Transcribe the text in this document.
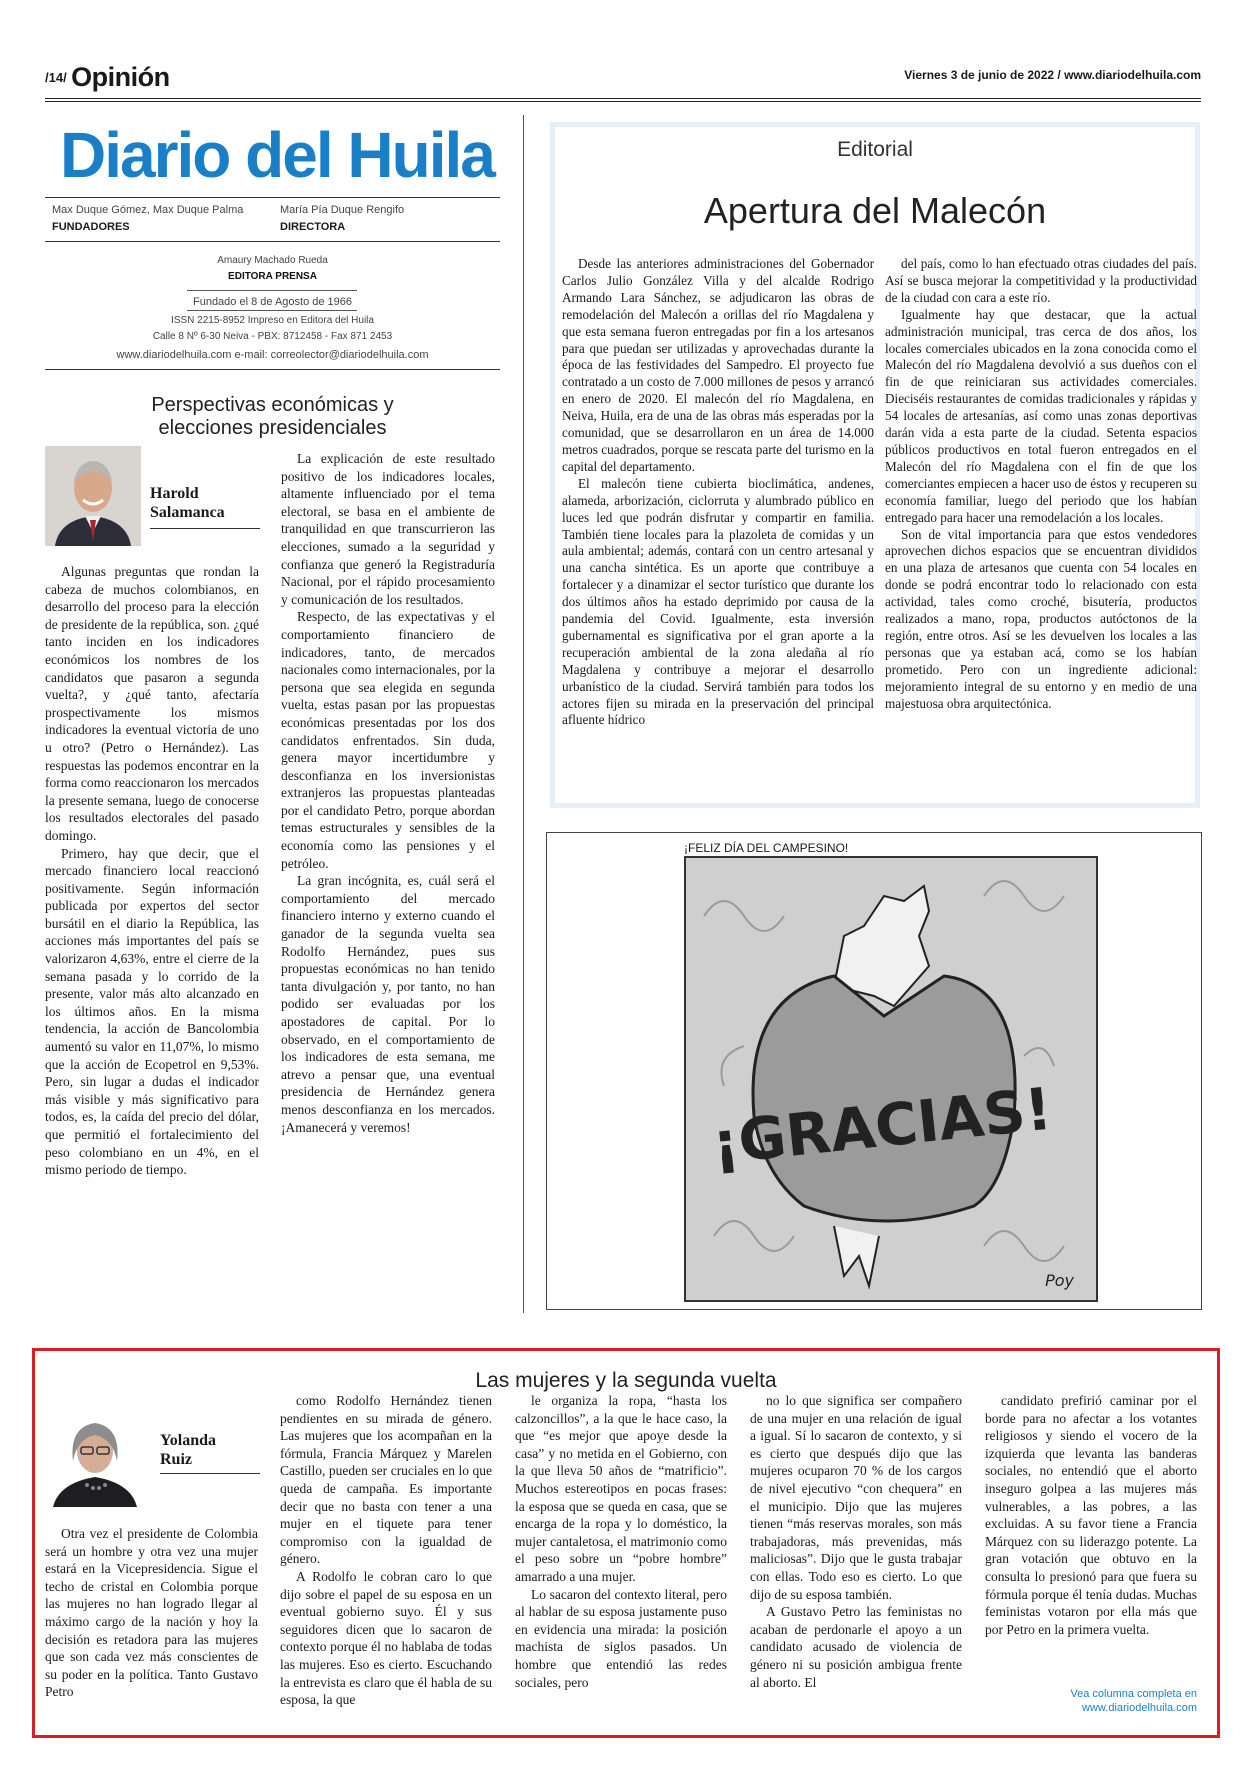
/14/ Opinión	Viernes 3 de junio de 2022 / www.diariodelhuila.com
Diario del Huila
Max Duque Gómez, Max Duque Palma
FUNDADORES
María Pía Duque Rengifo
DIRECTORA
Amaury Machado Rueda
EDITORA PRENSA
Fundado el 8 de Agosto de 1966
ISSN 2215-8952 Impreso en Editora del Huila
Calle 8 Nº 6-30 Neiva - PBX: 8712458 - Fax 871 2453
www.diariodelhuila.com e-mail: correolector@diariodelhuila.com
Editorial
Apertura del Malecón

Desde las anteriores administraciones del Gobernador Carlos Julio González Villa y del alcalde Rodrigo Armando Lara Sánchez, se adjudicaron las obras de remodelación del Malecón a orillas del río Magdalena y que esta semana fueron entregadas por fin a los artesanos para que puedan ser utilizadas y aprovechadas durante la época de las festividades del Sampedro. El proyecto fue contratado a un costo de 7.000 millones de pesos y arrancó en enero de 2020. El malecón del río Magdalena, en Neiva, Huila, era de una de las obras más esperadas por la comunidad, que se desarrollaron en un área de 14.000 metros cuadrados, porque se rescata parte del turismo en la capital del departamento.

El malecón tiene cubierta bioclimática, andenes, alameda, arborización, ciclorruta y alumbrado público en luces led que podrán disfrutar y compartir en familia. También tiene locales para la plazoleta de comidas y un aula ambiental; además, contará con un centro artesanal y una cancha sintética. Es un aporte que contribuye a fortalecer y a dinamizar el sector turístico que durante los dos últimos años ha estado deprimido por causa de la pandemia del Covid. Igualmente, esta inversión gubernamental es significativa por el gran aporte a la recuperación ambiental de la zona aledaña al río Magdalena y contribuye a mejorar el desarrollo urbanístico de la ciudad. Servirá también para todos los actores fijen su mirada en la preservación del principal afluente hídrico

del país, como lo han efectuado otras ciudades del país. Así se busca mejorar la competitividad y la productividad de la ciudad con cara a este río.

Igualmente hay que destacar, que la actual administración municipal, tras cerca de dos años, los locales comerciales ubicados en la zona conocida como el Malecón del río Magdalena devolvió a sus dueños con el fin de que reiniciaran sus actividades comerciales. Dieciséis restaurantes de comidas tradicionales y rápidas y 54 locales de artesanías, así como unas zonas deportivas darán vida a esta parte de la ciudad. Setenta espacios públicos productivos en total fueron entregados en el Malecón del río Magdalena con el fin de que los comerciantes empiecen a hacer uso de éstos y recuperen su economía familiar, luego del periodo que los habían entregado para hacer una remodelación a los locales.

Son de vital importancia para que estos vendedores aprovechen dichos espacios que se encuentran divididos en una plaza de artesanos que cuenta con 54 locales en donde se podrá encontrar todo lo relacionado con esta actividad, tales como croché, bisutería, productos realizados a mano, ropa, productos autóctonos de la región, entre otros. Así se les devuelven los locales a las personas que ya estaban acá, como se los habían prometido. Pero con un ingrediente adicional: mejoramiento integral de su entorno y en medio de una majestuosa obra arquitectónica.

Perspectivas económicas y
elecciones presidenciales
Harold
Salamanca

Algunas preguntas que rondan la cabeza de muchos colombianos, en desarrollo del proceso para la elección de presidente de la república, son. ¿qué tanto inciden en los indicadores económicos los nombres de los candidatos que pasaron a segunda vuelta?, y ¿qué tanto, afectaría prospectivamente los mismos indicadores la eventual victoria de uno u otro? (Petro o Hernández). Las respuestas las podemos encontrar en la forma como reaccionaron los mercados la presente semana, luego de conocerse los resultados electorales del pasado domingo.

Primero, hay que decir, que el mercado financiero local reaccionó positivamente. Según información publicada por expertos del sector bursátil en el diario la República, las acciones más importantes del país se valorizaron 4,63%, entre el cierre de la semana pasada y lo corrido de la presente, valor más alto alcanzado en los últimos años. En la misma tendencia, la acción de Bancolombia aumentó su valor en 11,07%, lo mismo que la acción de Ecopetrol en 9,53%. Pero, sin lugar a dudas el indicador más visible y más significativo para todos, es, la caída del precio del dólar, que permitió el fortalecimiento del peso colombiano en un 4%, en el mismo periodo de tiempo.

La explicación de este resultado positivo de los indicadores locales, altamente influenciado por el tema electoral, se basa en el ambiente de tranquilidad en que transcurrieron las elecciones, sumado a la seguridad y confianza que generó la Registraduría Nacional, por el rápido procesamiento y comunicación de los resultados.

Respecto, de las expectativas y el comportamiento financiero de indicadores, tanto, de mercados nacionales como internacionales, por la persona que sea elegida en segunda vuelta, estas pasan por las propuestas económicas presentadas por los dos candidatos enfrentados. Sin duda, genera mayor incertidumbre y desconfianza en los inversionistas extranjeros las propuestas planteadas por el candidato Petro, porque abordan temas estructurales y sensibles de la economía como las pensiones y el petróleo.

La gran incógnita, es, cuál será el comportamiento del mercado financiero interno y externo cuando el ganador de la segunda vuelta sea Rodolfo Hernández, pues sus propuestas económicas no han tenido tanta divulgación y, por tanto, no han podido ser evaluadas por los apostadores de capital. Por lo observado, en el comportamiento de los indicadores de esta semana, me atrevo a pensar que, una eventual presidencia de Hernández genera menos desconfianza en los mercados. ¡Amanecerá y veremos!

¡FELIZ DÍA DEL CAMPESINO!
¡GRACIAS!
Poy
Las mujeres y la segunda vuelta
Yolanda
Ruiz

Otra vez el presidente de Colombia será un hombre y otra vez una mujer estará en la Vicepresidencia. Sigue el techo de cristal en Colombia porque las mujeres no han logrado llegar al máximo cargo de la nación y hoy la decisión es retadora para las mujeres que son cada vez más conscientes de su poder en la política. Tanto Gustavo Petro

como Rodolfo Hernández tienen pendientes en su mirada de género. Las mujeres que los acompañan en la fórmula, Francia Márquez y Marelen Castillo, pueden ser cruciales en lo que queda de campaña. Es importante decir que no basta con tener a una mujer en el tiquete para tener compromiso con la igualdad de género.

A Rodolfo le cobran caro lo que dijo sobre el papel de su esposa en un eventual gobierno suyo. Él y sus seguidores dicen que lo sacaron de contexto porque él no hablaba de todas las mujeres. Eso es cierto. Escuchando la entrevista es claro que él habla de su esposa, la que

le organiza la ropa, “hasta los calzoncillos”, a la que le hace caso, la que “es mejor que apoye desde la casa” y no metida en el Gobierno, con la que lleva 50 años de “matrificio”. Muchos estereotipos en pocas frases: la esposa que se queda en casa, que se encarga de la ropa y lo doméstico, la mujer cantaletosa, el matrimonio como el peso sobre un “pobre hombre” amarrado a una mujer.

Lo sacaron del contexto literal, pero al hablar de su esposa justamente puso en evidencia una mirada: la posición machista de siglos pasados. Un hombre que entendió las redes sociales, pero

no lo que significa ser compañero de una mujer en una relación de igual a igual. Sí lo sacaron de contexto, y si es cierto que después dijo que las mujeres ocuparon 70 % de los cargos de nivel ejecutivo “con chequera” en el municipio. Dijo que las mujeres tienen “más reservas morales, son más trabajadoras, más prevenidas, más maliciosas”. Dijo que le gusta trabajar con ellas. Todo eso es cierto. Lo que dijo de su esposa también.

A Gustavo Petro las feministas no acaban de perdonarle el apoyo a un candidato acusado de violencia de género ni su posición ambigua frente al aborto. El

candidato prefirió caminar por el borde para no afectar a los votantes religiosos y siendo el vocero de la izquierda que levanta las banderas sociales, no entendió que el aborto inseguro golpea a las mujeres más vulnerables, a las pobres, a las excluidas. A su favor tiene a Francia Márquez con su liderazgo potente. La gran votación que obtuvo en la consulta lo presionó para que fuera su fórmula porque él tenía dudas. Muchas feministas votaron por ella más que por Petro en la primera vuelta.

Vea columna completa en
www.diariodelhuila.com
